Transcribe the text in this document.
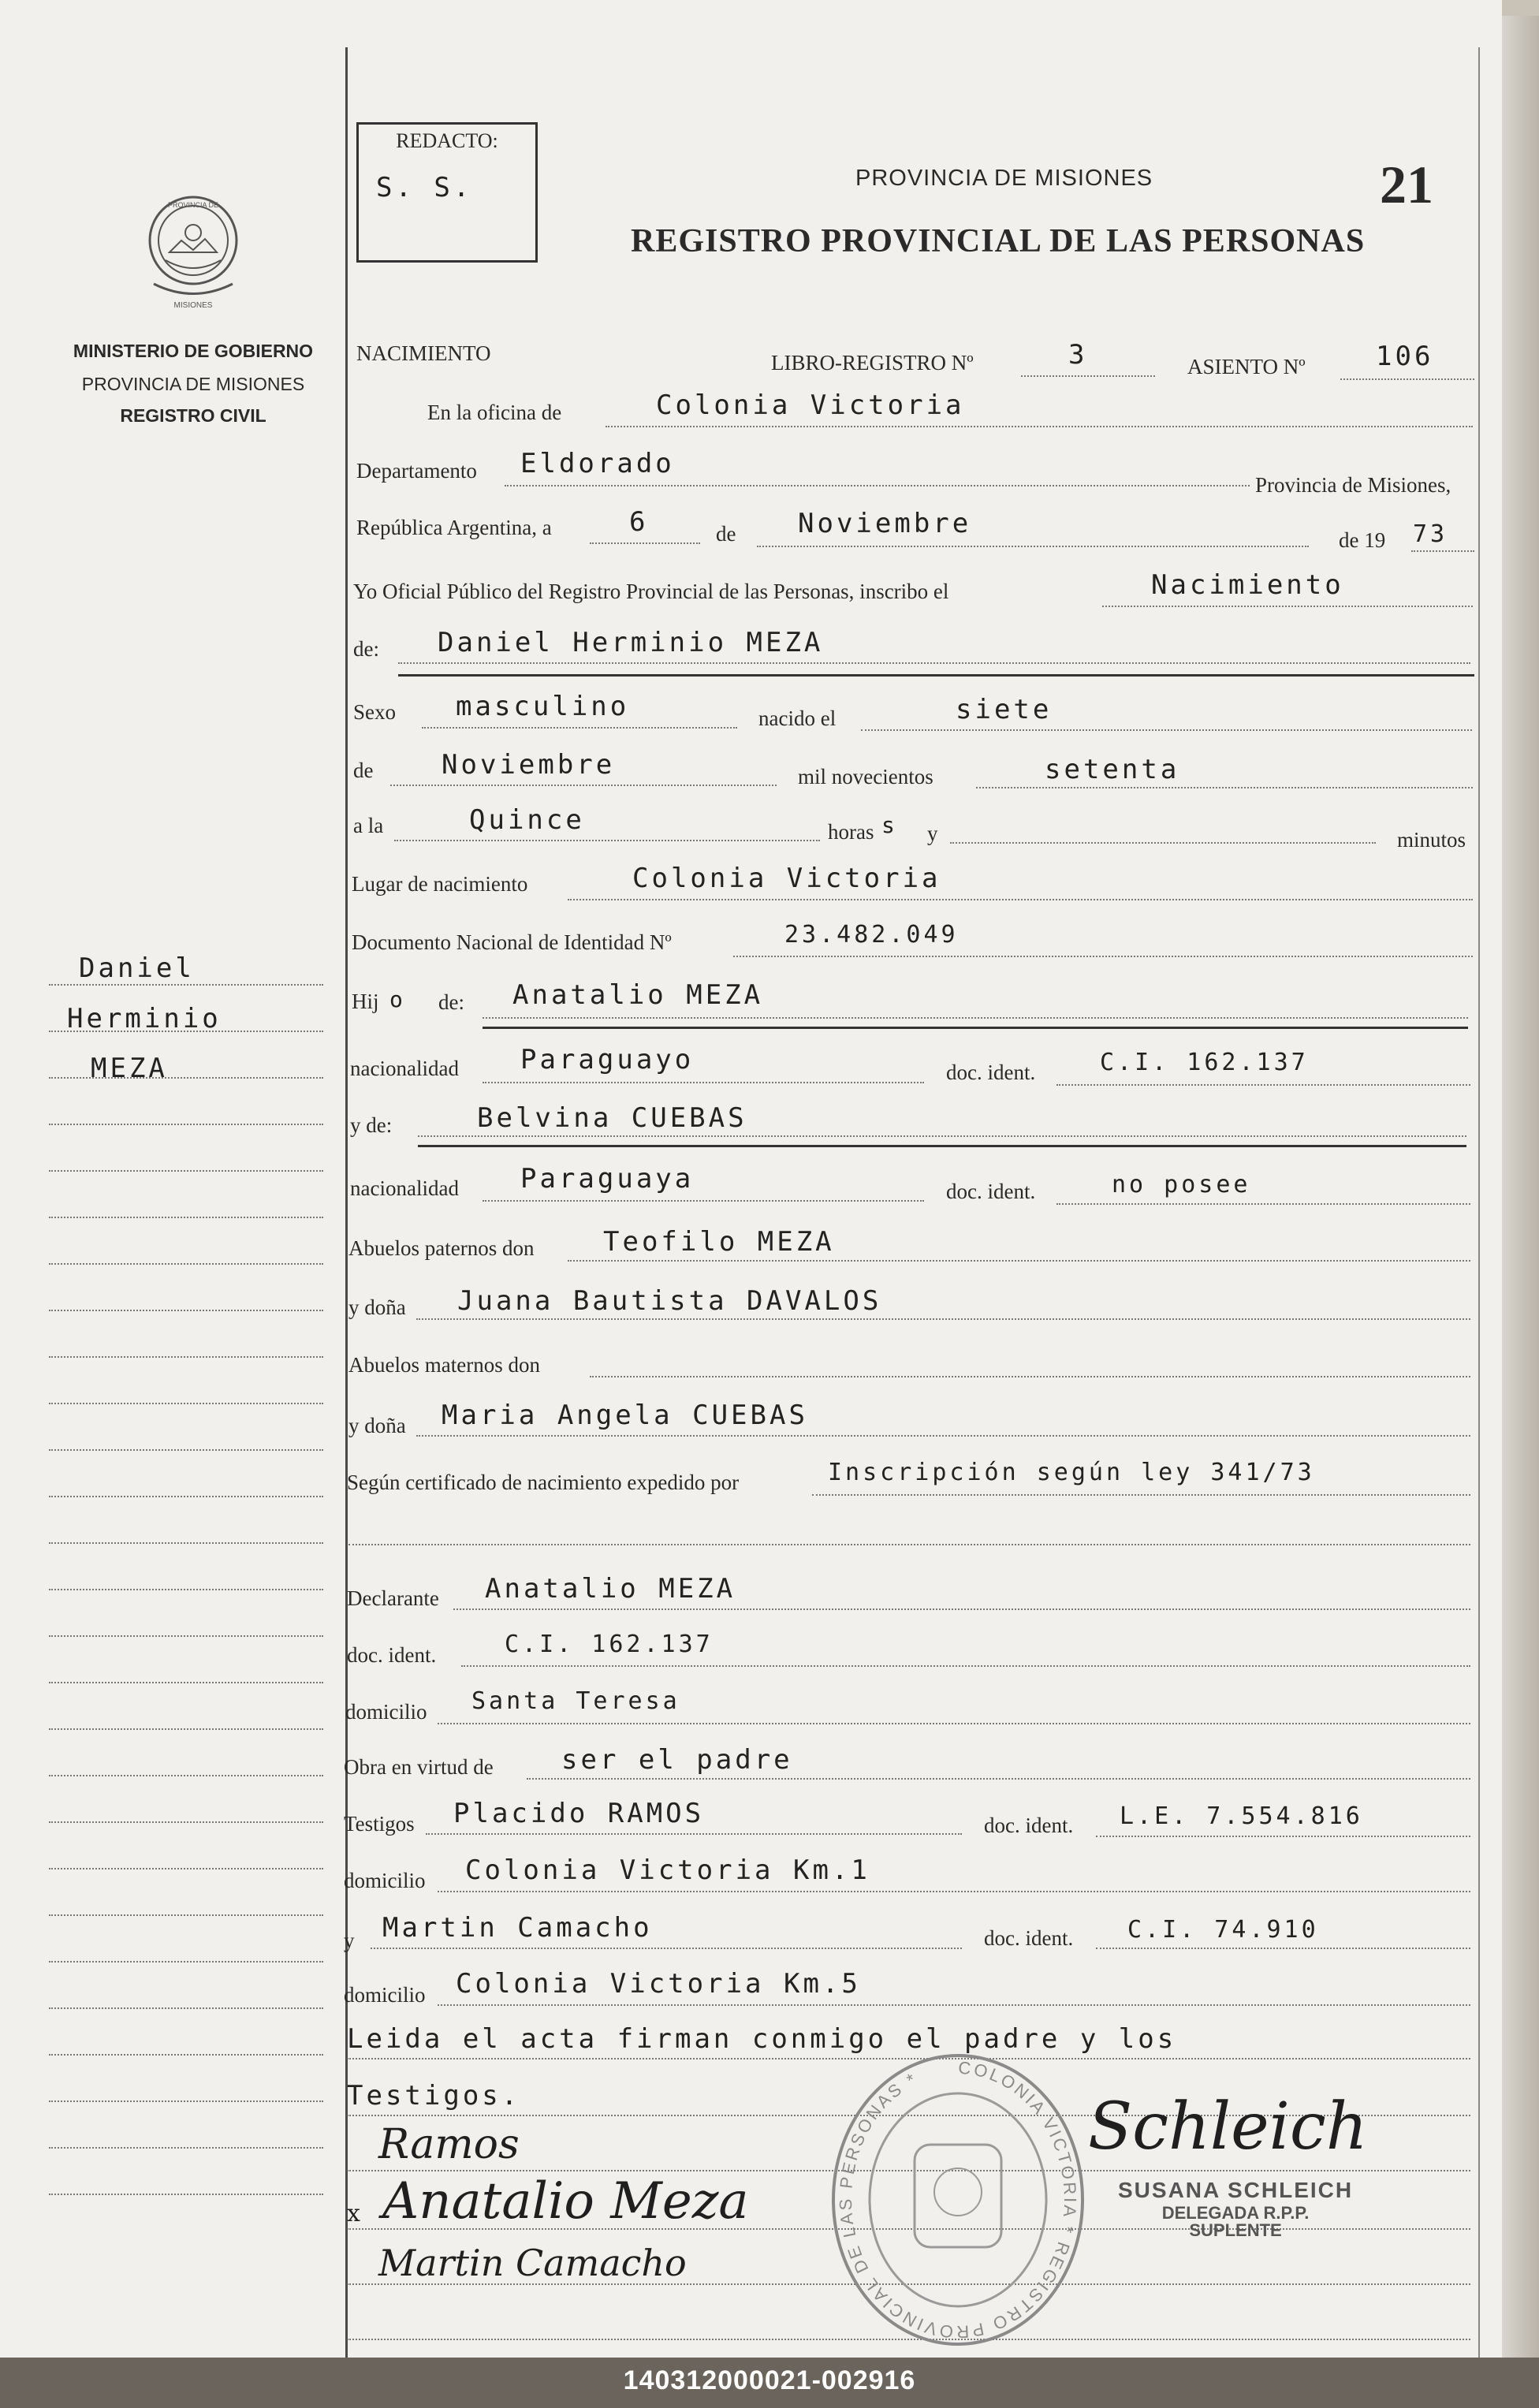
PROVINCIA DE
MISIONES
MINISTERIO DE GOBIERNO
PROVINCIA DE MISIONES
REGISTRO CIVIL
Daniel
Herminio
MEZA
REDACTO:
S. S.	PROVINCIA DE MISIONES
REGISTRO PROVINCIAL DE LAS PERSONAS
21
NACIMIENTO	LIBRO-REGISTRO Nº	3	ASIENTO Nº	106
En la oficina de	Colonia Victoria
Departamento Eldorado
Provincia de Misiones,
República Argentina, a	6	de Noviembre
de 19 73
Yo Oficial Público del Registro Provincial de las Personas, inscribo el	Nacimiento
de: Daniel Herminio MEZA
Sexo masculino	nacido el	siete
de	Noviembre	mil novecientos	setenta
a la	Quince	horas s y	minutos
Lugar de nacimiento	Colonia Victoria
Documento Nacional de Identidad Nº	23.482.049
Hij o de: Anatalio MEZA
nacionalidad Paraguayo	doc. ident.	C.I. 162.137
y de:	Belvina CUEBAS
nacionalidad Paraguaya	doc. ident.	no posee
Abuelos paternos don	Teofilo MEZA
y doña Juana Bautista DAVALOS
Abuelos maternos don
y doña Maria Angela CUEBAS
Según certificado de nacimiento expedido por	Inscripción según ley 341/73
Declarante Anatalio MEZA
doc. ident.	C.I. 162.137
domicilio Santa Teresa
Obra en virtud de	ser el padre
Testigos Placido RAMOS	doc. ident. L.E. 7.554.816
domicilio Colonia Victoria Km.1
y Martin Camacho	doc. ident. C.I. 74.910
domicilio Colonia Victoria Km.5
Leida el acta firman conmigo el padre y los
Testigos.
COLONIA VICTORIA * REGISTRO PROVINCIAL DE LAS PERSONAS *
SUSANA SCHLEICH
DELEGADA R.P.P.
SUPLENTE
Schleich
Ramos
x Anatalio Meza
Martin Camacho
140312000021-002916
